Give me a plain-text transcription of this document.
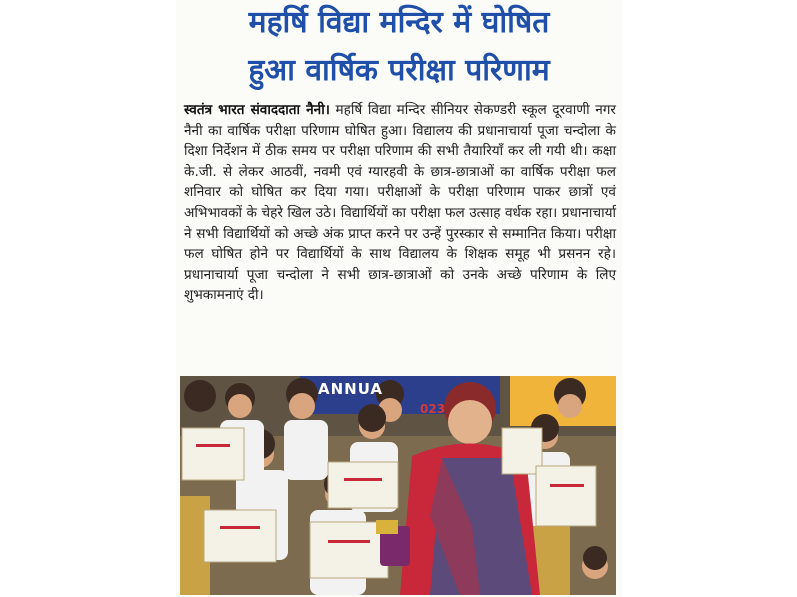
महर्षि विद्या मन्दिर में घोषित
हुआ वार्षिक परीक्षा परिणाम
स्वतंत्र भारत संवाददाता नैनी। महर्षि विद्या मन्दिर सीनियर सेकण्डरी स्कूल दूरवाणी नगर नैनी का वार्षिक परीक्षा परिणाम घोषित हुआ। विद्यालय की प्रधानाचार्या पूजा चन्दोला के दिशा निर्देशन में ठीक समय पर परीक्षा परिणाम की सभी तैयारियाँ कर ली गयी थी। कक्षा के.जी. से लेकर आठवीं, नवमी एवं ग्यारहवी के छात्र-छात्राओं का वार्षिक परीक्षा फल शनिवार को घोषित कर दिया गया। परीक्षाओं के परीक्षा परिणाम पाकर छात्रों एवं अभिभावकों के चेहरे खिल उठे। विद्यार्थियों का परीक्षा फल उत्साह वर्धक रहा। प्रधानाचार्या ने सभी विद्यार्थियों को अच्छे अंक प्राप्त करने पर उन्हें पुरस्कार से सम्मानित किया। परीक्षा फल घोषित होने पर विद्यार्थियों के साथ विद्यालय के शिक्षक समूह भी प्रसनन रहे। प्रधानाचार्या पूजा चन्दोला ने सभी छात्र-छात्राओं को उनके अच्छे परिणाम के लिए शुभकामनाएं दी।
ANNUA
023
